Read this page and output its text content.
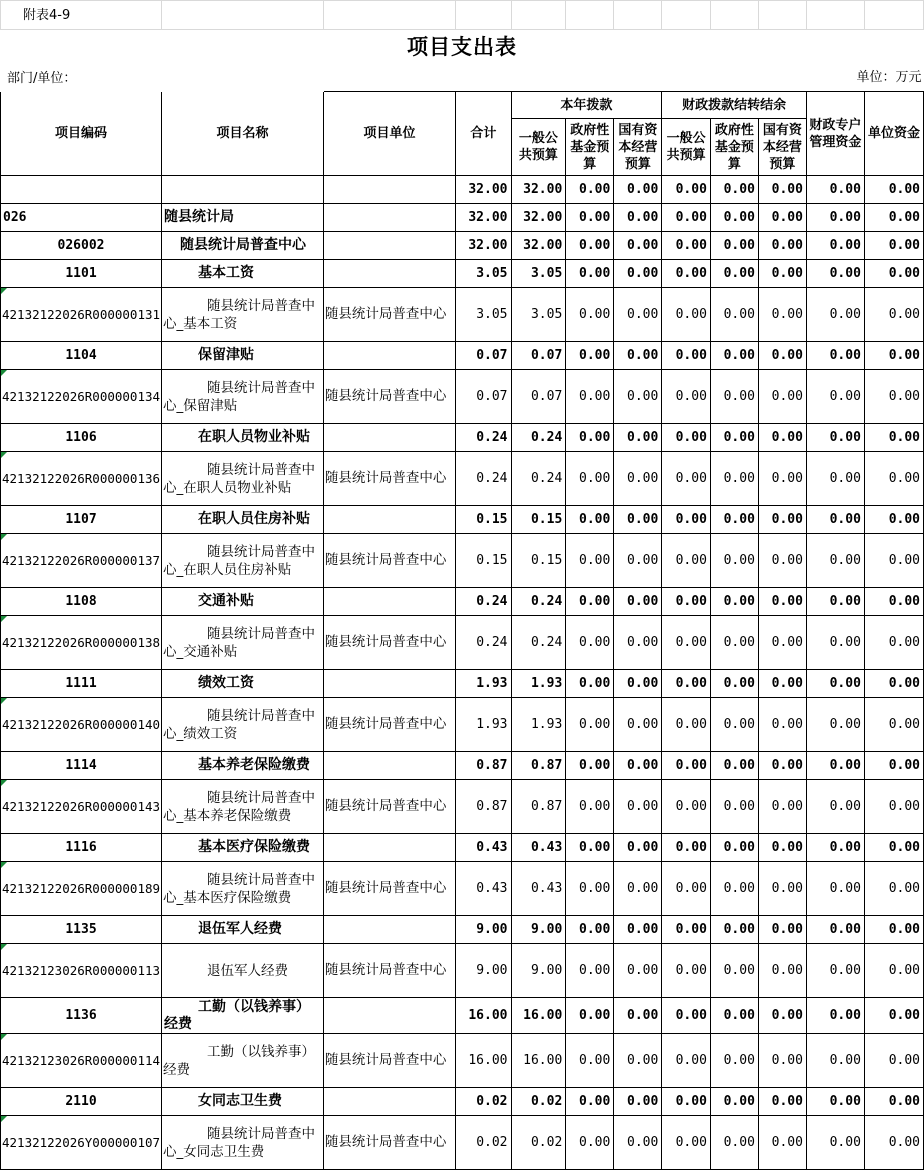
附表4-9											
项目支出表											
部门/单位：										单位：万元	
项目编码	项目名称	项目单位	合计	本年拨款			财政拨款结转结余			财政专户管理资金	单位资金
				一般公共预算	政府性基金预算	国有资本经营预算	一般公共预算	政府性基金预算	国有资本经营预算		
			32.00	32.00	0.00	0.00	0.00	0.00	0.00	0.00	0.00
026	随县统计局		32.00	32.00	0.00	0.00	0.00	0.00	0.00	0.00	0.00
026002	随县统计局普查中心		32.00	32.00	0.00	0.00	0.00	0.00	0.00	0.00	0.00
1101	基本工资		3.05	3.05	0.00	0.00	0.00	0.00	0.00	0.00	0.00
42132122026R000000131	随县统计局普查中心_基本工资	随县统计局普查中心	3.05	3.05	0.00	0.00	0.00	0.00	0.00	0.00	0.00
1104	保留津贴		0.07	0.07	0.00	0.00	0.00	0.00	0.00	0.00	0.00
42132122026R000000134	随县统计局普查中心_保留津贴	随县统计局普查中心	0.07	0.07	0.00	0.00	0.00	0.00	0.00	0.00	0.00
1106	在职人员物业补贴		0.24	0.24	0.00	0.00	0.00	0.00	0.00	0.00	0.00
42132122026R000000136	随县统计局普查中心_在职人员物业补贴	随县统计局普查中心	0.24	0.24	0.00	0.00	0.00	0.00	0.00	0.00	0.00
1107	在职人员住房补贴		0.15	0.15	0.00	0.00	0.00	0.00	0.00	0.00	0.00
42132122026R000000137	随县统计局普查中心_在职人员住房补贴	随县统计局普查中心	0.15	0.15	0.00	0.00	0.00	0.00	0.00	0.00	0.00
1108	交通补贴		0.24	0.24	0.00	0.00	0.00	0.00	0.00	0.00	0.00
42132122026R000000138	随县统计局普查中心_交通补贴	随县统计局普查中心	0.24	0.24	0.00	0.00	0.00	0.00	0.00	0.00	0.00
1111	绩效工资		1.93	1.93	0.00	0.00	0.00	0.00	0.00	0.00	0.00
42132122026R000000140	随县统计局普查中心_绩效工资	随县统计局普查中心	1.93	1.93	0.00	0.00	0.00	0.00	0.00	0.00	0.00
1114	基本养老保险缴费		0.87	0.87	0.00	0.00	0.00	0.00	0.00	0.00	0.00
42132122026R000000143	随县统计局普查中心_基本养老保险缴费	随县统计局普查中心	0.87	0.87	0.00	0.00	0.00	0.00	0.00	0.00	0.00
1116	基本医疗保险缴费		0.43	0.43	0.00	0.00	0.00	0.00	0.00	0.00	0.00
42132122026R000000189	随县统计局普查中心_基本医疗保险缴费	随县统计局普查中心	0.43	0.43	0.00	0.00	0.00	0.00	0.00	0.00	0.00
1135	退伍军人经费		9.00	9.00	0.00	0.00	0.00	0.00	0.00	0.00	0.00
42132123026R000000113	退伍军人经费	随县统计局普查中心	9.00	9.00	0.00	0.00	0.00	0.00	0.00	0.00	0.00
1136	工勤（以钱养事）经费		16.00	16.00	0.00	0.00	0.00	0.00	0.00	0.00	0.00
42132123026R000000114	工勤（以钱养事）经费	随县统计局普查中心	16.00	16.00	0.00	0.00	0.00	0.00	0.00	0.00	0.00
2110	女同志卫生费		0.02	0.02	0.00	0.00	0.00	0.00	0.00	0.00	0.00
42132122026Y000000107	随县统计局普查中心_女同志卫生费	随县统计局普查中心	0.02	0.02	0.00	0.00	0.00	0.00	0.00	0.00	0.00
